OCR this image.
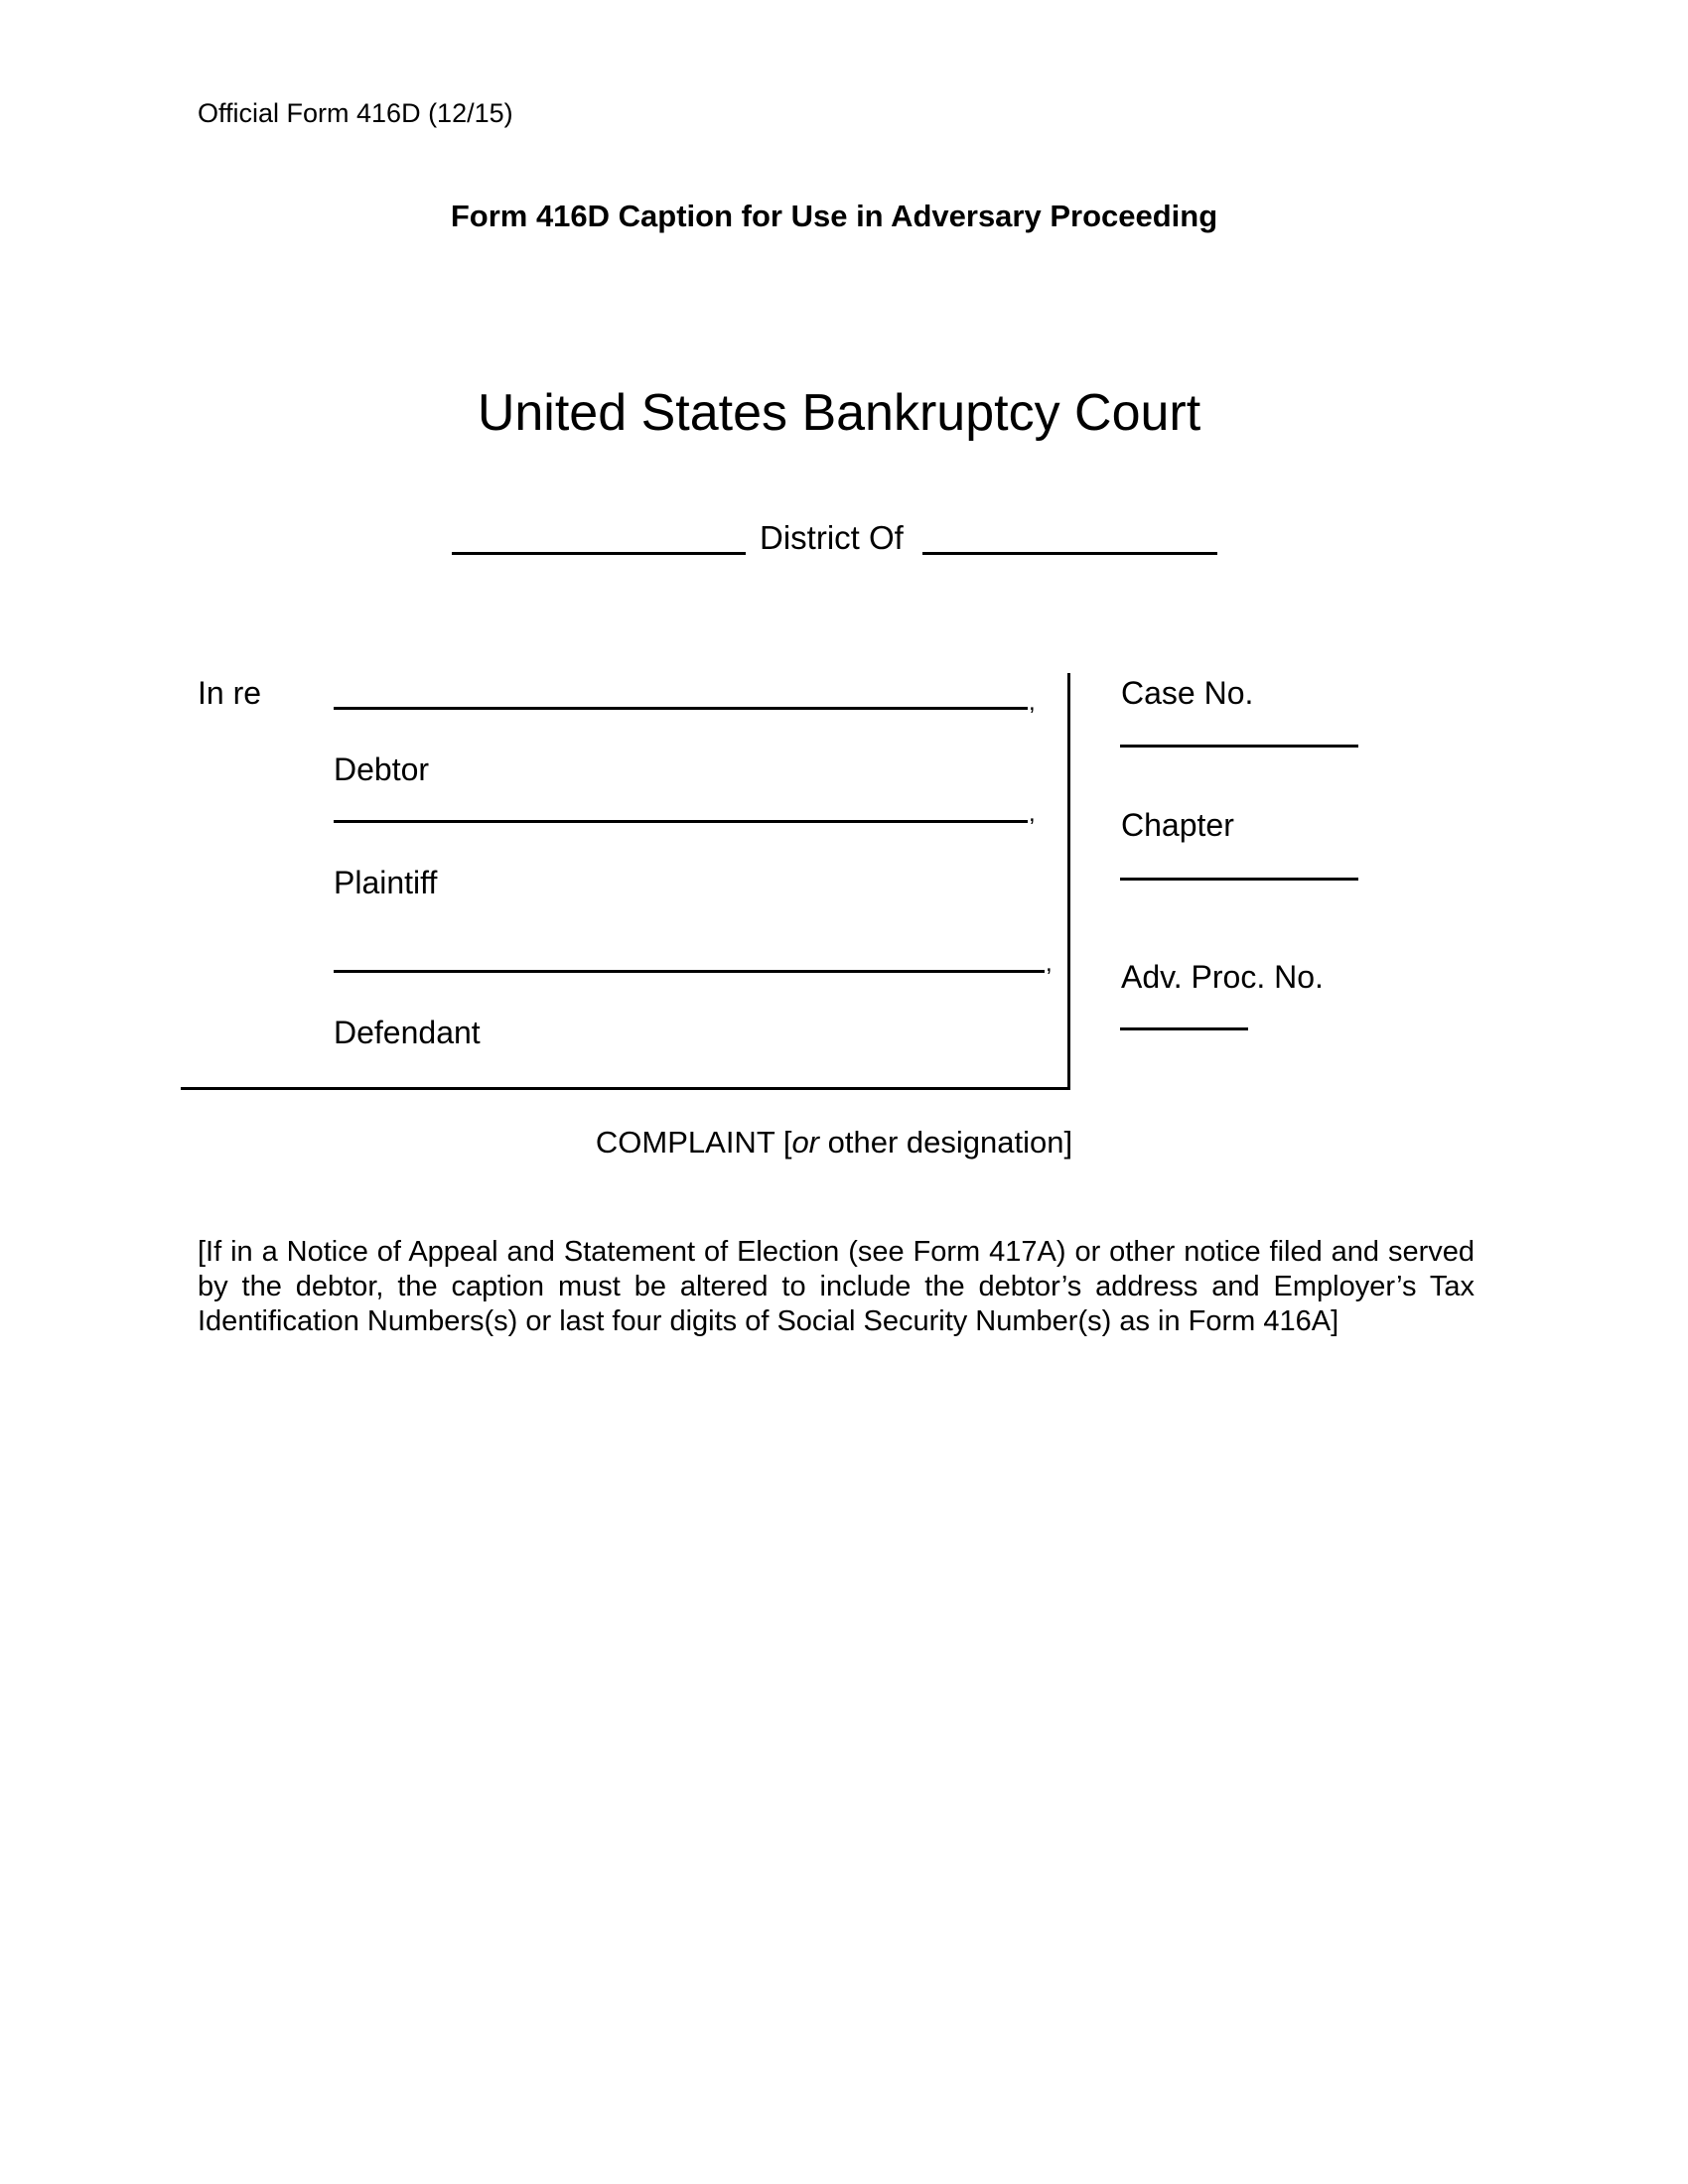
Official Form 416D (12/15)
Form 416D Caption for Use in Adversary Proceeding
United States Bankruptcy Court
District Of
In re	,
Debtor
,
Plaintiff
,
Defendant
Case No.
Chapter
Adv. Proc. No.
COMPLAINT [or other designation]
[If in a Notice of Appeal and Statement of Election (see Form 417A) or other notice filed and served by the debtor, the caption must be altered to include the debtor’s address and Employer’s Tax Identification Numbers(s) or last four digits of Social Security Number(s) as in Form 416A]
